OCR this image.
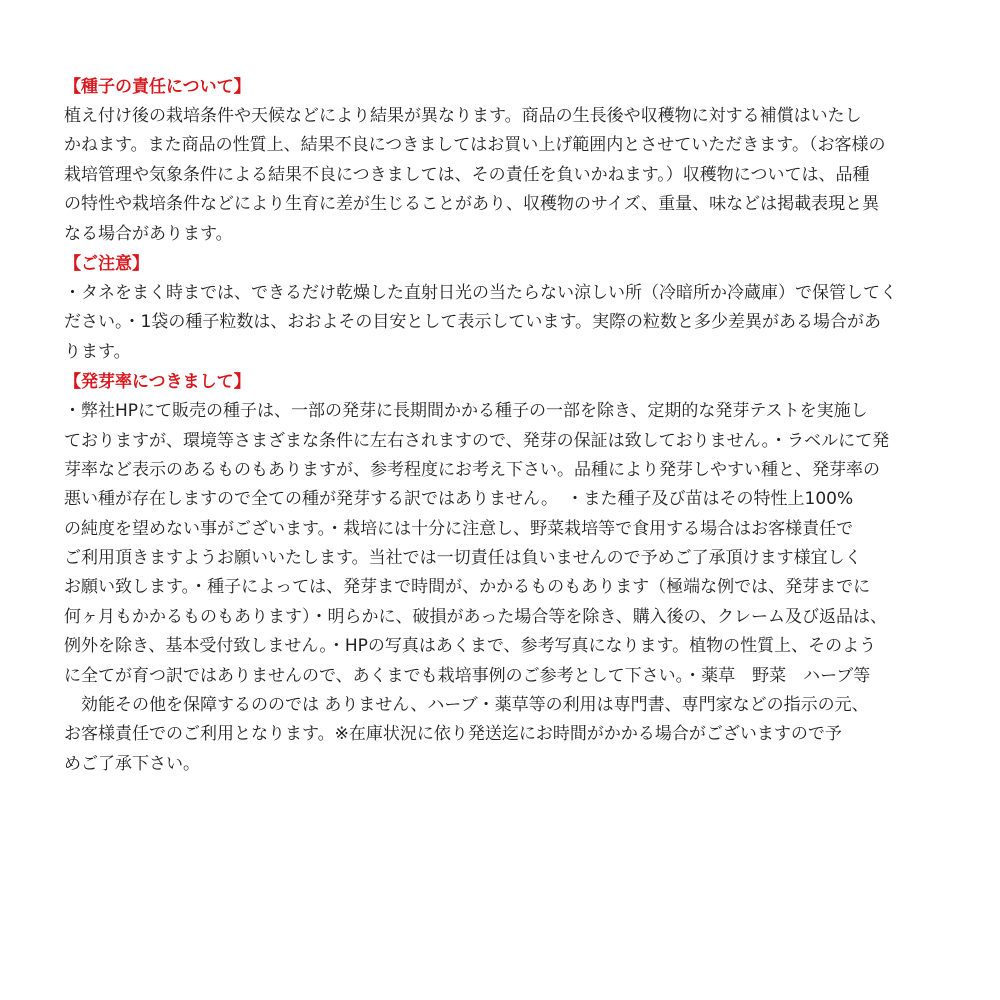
【種子の責任について】

植え付け後の栽培条件や天候などにより結果が異なります。商品の生長後や収穫物に対する補償はいたし

かねます。また商品の性質上、結果不良につきましてはお買い上げ範囲内とさせていただきます。（お客様の

栽培管理や気象条件による結果不良につきましては、その責任を負いかねます。）収穫物については、品種

の特性や栽培条件などにより生育に差が生じることがあり、収穫物のサイズ、重量、味などは掲載表現と異

なる場合があります。

【ご注意】

・タネをまく時までは、できるだけ乾燥した直射日光の当たらない涼しい所（冷暗所か冷蔵庫）で保管してく

ださい。・1袋の種子粒数は、おおよその目安として表示しています。実際の粒数と多少差異がある場合があ

ります。

【発芽率につきまして】

・弊社HPにて販売の種子は、一部の発芽に長期間かかる種子の一部を除き、定期的な発芽テストを実施し

ておりますが、環境等さまざまな条件に左右されますので、発芽の保証は致しておりません。・ラベルにて発

芽率など表示のあるものもありますが、参考程度にお考え下さい。品種により発芽しやすい種と、発芽率の

悪い種が存在しますので全ての種が発芽する訳ではありません。　・また種子及び苗はその特性上100%

の純度を望めない事がございます。・栽培には十分に注意し、野菜栽培等で食用する場合はお客様責任で

ご利用頂きますようお願いいたします。当社では一切責任は負いませんので予めご了承頂けます様宜しく

お願い致します。・種子によっては、発芽まで時間が、かかるものもあります（極端な例では、発芽までに

何ヶ月もかかるものもあります）・明らかに、破損があった場合等を除き、購入後の、クレーム及び返品は、

例外を除き、基本受付致しません。・HPの写真はあくまで、参考写真になります。植物の性質上、そのよう

に全てが育つ訳ではありませんので、あくまでも栽培事例のご参考として下さい。・薬草　野菜　ハーブ等

　効能その他を保障するののでは ありません、ハーブ・薬草等の利用は専門書、専門家などの指示の元、

お客様責任でのご利用となります。※在庫状況に依り発送迄にお時間がかかる場合がございますので予

めご了承下さい。
